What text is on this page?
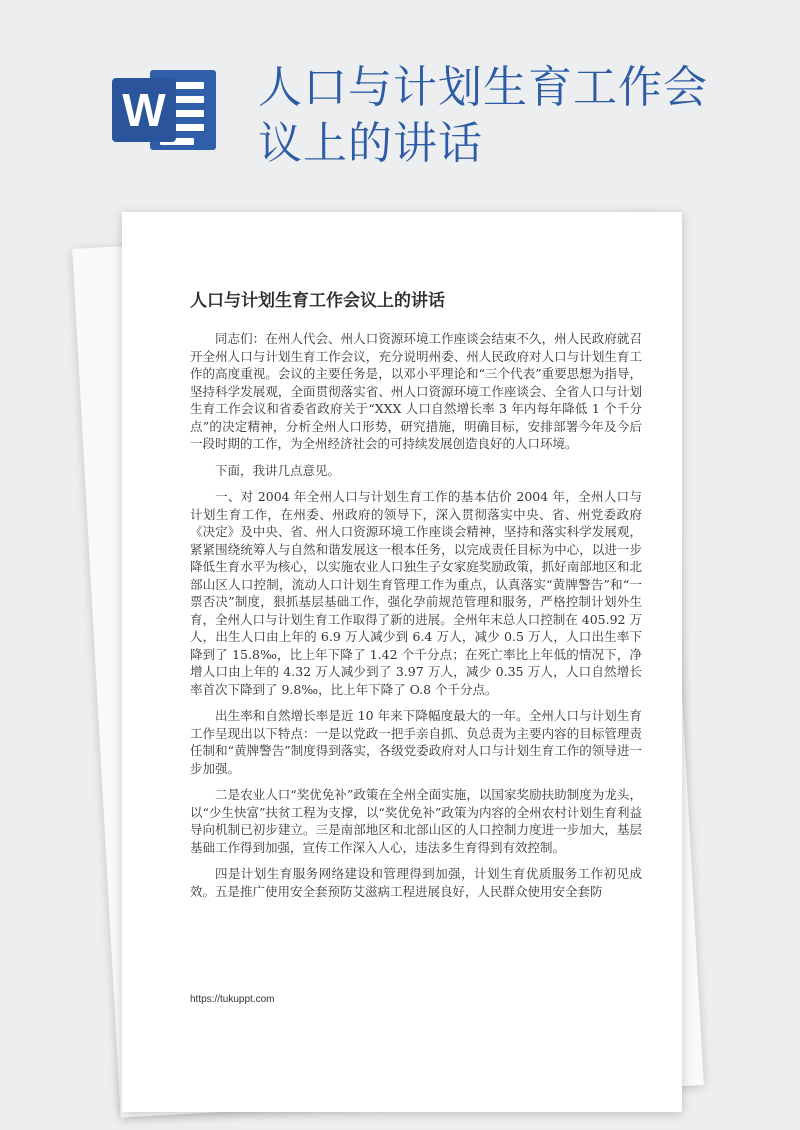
W 人口与计划生育工作会议上的讲话
人口与计划生育工作会议上的讲话

同志们：在州人代会、州人口资源环境工作座谈会结束不久，州人民政府就召开全州人口与计划生育工作会议，充分说明州委、州人民政府对人口与计划生育工作的高度重视。会议的主要任务是，以邓小平理论和“三个代表”重要思想为指导，坚持科学发展观，全面贯彻落实省、州人口资源环境工作座谈会、全省人口与计划生育工作会议和省委省政府关于“XXX 人口自然增长率 3 年内每年降低 1 个千分点”的决定精神，分析全州人口形势，研究措施，明确目标，安排部署今年及今后一段时期的工作，为全州经济社会的可持续发展创造良好的人口环境。

下面，我讲几点意见。

一、对 2004 年全州人口与计划生育工作的基本估价 2004 年，全州人口与计划生育工作，在州委、州政府的领导下，深入贯彻落实中央、省、州党委政府《决定》及中央、省、州人口资源环境工作座谈会精神，坚持和落实科学发展观，紧紧围绕统筹人与自然和谐发展这一根本任务，以完成责任目标为中心，以进一步降低生育水平为核心，以实施农业人口独生子女家庭奖励政策，抓好南部地区和北部山区人口控制，流动人口计划生育管理工作为重点，认真落实“黄牌警告”和“一票否决”制度，狠抓基层基础工作，强化孕前规范管理和服务，严格控制计划外生育，全州人口与计划生育工作取得了新的进展。全州年末总人口控制在 405.92 万人，出生人口由上年的 6.9 万人减少到 6.4 万人，减少 0.5 万人，人口出生率下降到了 15.8‰，比上年下降了 1.42 个千分点；在死亡率比上年低的情况下，净增人口由上年的 4.32 万人减少到了 3.97 万人，减少 0.35 万人，人口自然增长率首次下降到了 9.8‰，比上年下降了 O.8 个千分点。

出生率和自然增长率是近 10 年来下降幅度最大的一年。全州人口与计划生育工作呈现出以下特点：一是以党政一把手亲自抓、负总责为主要内容的目标管理责任制和“黄牌警告”制度得到落实，各级党委政府对人口与计划生育工作的领导进一步加强。

二是农业人口“奖优免补”政策在全州全面实施，以国家奖励扶助制度为龙头，以“少生快富”扶贫工程为支撑，以“奖优免补”政策为内容的全州农村计划生育利益导向机制已初步建立。三是南部地区和北部山区的人口控制力度进一步加大，基层基础工作得到加强，宣传工作深入人心，违法多生育得到有效控制。

四是计划生育服务网络建设和管理得到加强，计划生育优质服务工作初见成效。五是推广使用安全套预防艾滋病工程进展良好，人民群众使用安全套防

https://tukuppt.com
